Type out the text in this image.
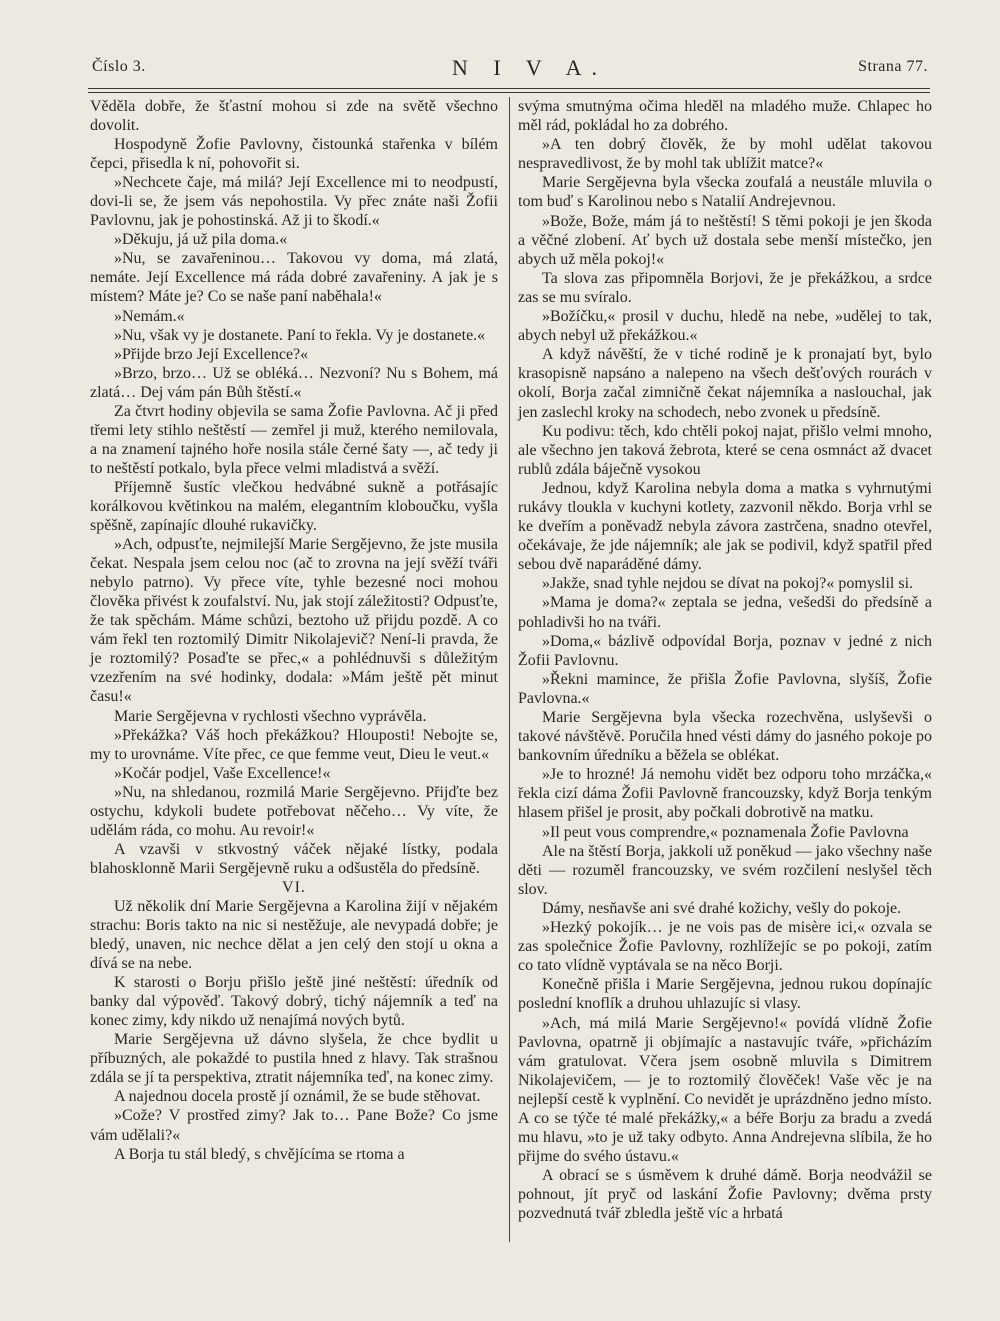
Číslo 3.	N I V A.	Strana 77.

Věděla dobře, že šťastní mohou si zde na světě všechno dovolit.

Hospodyně Žofie Pavlovny, čistounká stařenka v bílém čepci, přisedla k ní, pohovořit si.

»Nechcete čaje, má milá? Její Excellence mi to neodpustí, dovi-li se, že jsem vás nepohostila. Vy přec znáte naši Žofii Pavlovnu, jak je pohostinská. Až ji to škodí.«

»Děkuju, já už pila doma.«

»Nu, se zavařeninou… Takovou vy doma, má zlatá, nemáte. Její Excellence má ráda dobré zavařeniny. A jak je s místem? Máte je? Co se naše paní naběhala!«

»Nemám.«

»Nu, však vy je dostanete. Paní to řekla. Vy je dostanete.«

»Přijde brzo Její Excellence?«

»Brzo, brzo… Už se obléká… Nezvoní? Nu s Bohem, má zlatá… Dej vám pán Bůh štěstí.«

Za čtvrt hodiny objevila se sama Žofie Pavlovna. Ač ji před třemi lety stihlo neštěstí — zemřel ji muž, kterého nemilovala, a na znamení tajného hoře nosila stále černé šaty —, ač tedy ji to neštěstí potkalo, byla přece velmi mladistvá a svěží.

Příjemně šustíc vlečkou hedvábné sukně a potřásajíc korálkovou květinkou na malém, elegantním kloboučku, vyšla spěšně, zapínajíc dlouhé rukavičky.

»Ach, odpusťte, nejmilejší Marie Sergějevno, že jste musila čekat. Nespala jsem celou noc (ač to zrovna na její svěží tváři nebylo patrno). Vy přece víte, tyhle bezesné noci mohou člověka přivést k zoufalství. Nu, jak stojí záležitosti? Odpusťte, že tak spěchám. Máme schůzi, beztoho už přijdu pozdě. A co vám řekl ten roztomilý Dimitr Nikolajevič? Není-li pravda, že je roztomilý? Posaďte se přec,« a pohlédnuvši s důležitým vzezřením na své hodinky, dodala: »Mám ještě pět minut času!«

Marie Sergějevna v rychlosti všechno vyprávěla.

»Překážka? Váš hoch překážkou? Hlouposti! Nebojte se, my to urovnáme. Víte přec, ce que femme veut, Dieu le veut.«

»Kočár podjel, Vaše Excellence!«

»Nu, na shledanou, rozmilá Marie Sergějevno. Přijďte bez ostychu, kdykoli budete potřebovat něčeho… Vy víte, že udělám ráda, co mohu. Au revoir!«

A vzavši v stkvostný váček nějaké lístky, podala blahosklonně Marii Sergějevně ruku a odšustěla do předsíně.

VI.

Už několik dní Marie Sergějevna a Karolina žijí v nějakém strachu: Boris takto na nic si nestěžuje, ale nevypadá dobře; je bledý, unaven, nic nechce dělat a jen celý den stojí u okna a dívá se na nebe.

K starosti o Borju přišlo ještě jiné neštěstí: úředník od banky dal výpověď. Takový dobrý, tichý nájemník a teď na konec zimy, kdy nikdo už nenajímá nových bytů.

Marie Sergějevna už dávno slyšela, že chce bydlit u příbuzných, ale pokaždé to pustila hned z hlavy. Tak strašnou zdála se jí ta perspektiva, ztratit nájemníka teď, na konec zimy.

A najednou docela prostě jí oznámil, že se bude stěhovat.

»Cože? V prostřed zimy? Jak to… Pane Bože? Co jsme vám udělali?«

A Borja tu stál bledý, s chvějícíma se rtoma a

svýma smutnýma očima hleděl na mladého muže. Chlapec ho měl rád, pokládal ho za dobrého.

»A ten dobrý člověk, že by mohl udělat takovou nespravedlivost, že by mohl tak ublížit matce?«

Marie Sergějevna byla všecka zoufalá a neustále mluvila o tom buď s Karolinou nebo s Natalií Andrejevnou.

»Bože, Bože, mám já to neštěstí! S těmi pokoji je jen škoda a věčné zlobení. Ať bych už dostala sebe menší místečko, jen abych už měla pokoj!«

Ta slova zas připomněla Borjovi, že je překážkou, a srdce zas se mu svíralo.

»Božíčku,« prosil v duchu, hledě na nebe, »udělej to tak, abych nebyl už překážkou.«

A když návěští, že v tiché rodině je k pronajatí byt, bylo krasopisně napsáno a nalepeno na všech dešťových rourách v okolí, Borja začal zimničně čekat nájemníka a naslouchal, jak jen zaslechl kroky na schodech, nebo zvonek u předsíně.

Ku podivu: těch, kdo chtěli pokoj najat, přišlo velmi mnoho, ale všechno jen taková žebrota, které se cena osmnáct až dvacet rublů zdála báječně vysokou

Jednou, když Karolina nebyla doma a matka s vyhrnutými rukávy tloukla v kuchyni kotlety, zazvonil někdo. Borja vrhl se ke dveřím a poněvadž nebyla závora zastrčena, snadno otevřel, očekávaje, že jde nájemník; ale jak se podivil, když spatřil před sebou dvě naparáděné dámy.

»Jakže, snad tyhle nejdou se dívat na pokoj?« pomyslil si.

»Mama je doma?« zeptala se jedna, vešedši do předsíně a pohladivši ho na tváři.

»Doma,« bázlivě odpovídal Borja, poznav v jedné z nich Žofii Pavlovnu.

»Řekni mamince, že přišla Žofie Pavlovna, slyšíš, Žofie Pavlovna.«

Marie Sergějevna byla všecka rozechvěna, uslyševši o takové návštěvě. Poručila hned vésti dámy do jasného pokoje po bankovním úředníku a běžela se oblékat.

»Je to hrozné! Já nemohu vidět bez odporu toho mrzáčka,« řekla cizí dáma Žofii Pavlovně francouzsky, když Borja tenkým hlasem přišel je prosit, aby počkali dobrotivě na matku.

»Il peut vous comprendre,« poznamenala Žofie Pavlovna

Ale na štěstí Borja, jakkoli už poněkud — jako všechny naše děti — rozuměl francouzsky, ve svém rozčilení neslyšel těch slov.

Dámy, nesňavše ani své drahé kožichy, vešly do pokoje.

»Hezký pokojík… je ne vois pas de misère ici,« ozvala se zas společnice Žofie Pavlovny, rozhlížejíc se po pokoji, zatím co tato vlídně vyptávala se na něco Borji.

Konečně přišla i Marie Sergějevna, jednou rukou dopínajíc poslední knoflík a druhou uhlazujíc si vlasy.

»Ach, má milá Marie Sergějevno!« povídá vlídně Žofie Pavlovna, opatrně ji objímajíc a nastavujíc tváře, »přicházím vám gratulovat. Včera jsem osobně mluvila s Dimitrem Nikolajevičem, — je to roztomilý člověček! Vaše věc je na nejlepší cestě k vyplnění. Co nevidět je uprázdněno jedno místo. A co se týče té malé překážky,« a béře Borju za bradu a zvedá mu hlavu, »to je už taky odbyto. Anna Andrejevna slíbila, že ho přijme do svého ústavu.«

A obrací se s úsměvem k druhé dámě. Borja neodvážil se pohnout, jít pryč od laskání Žofie Pavlovny; dvěma prsty pozvednutá tvář zbledla ještě víc a hrbatá
